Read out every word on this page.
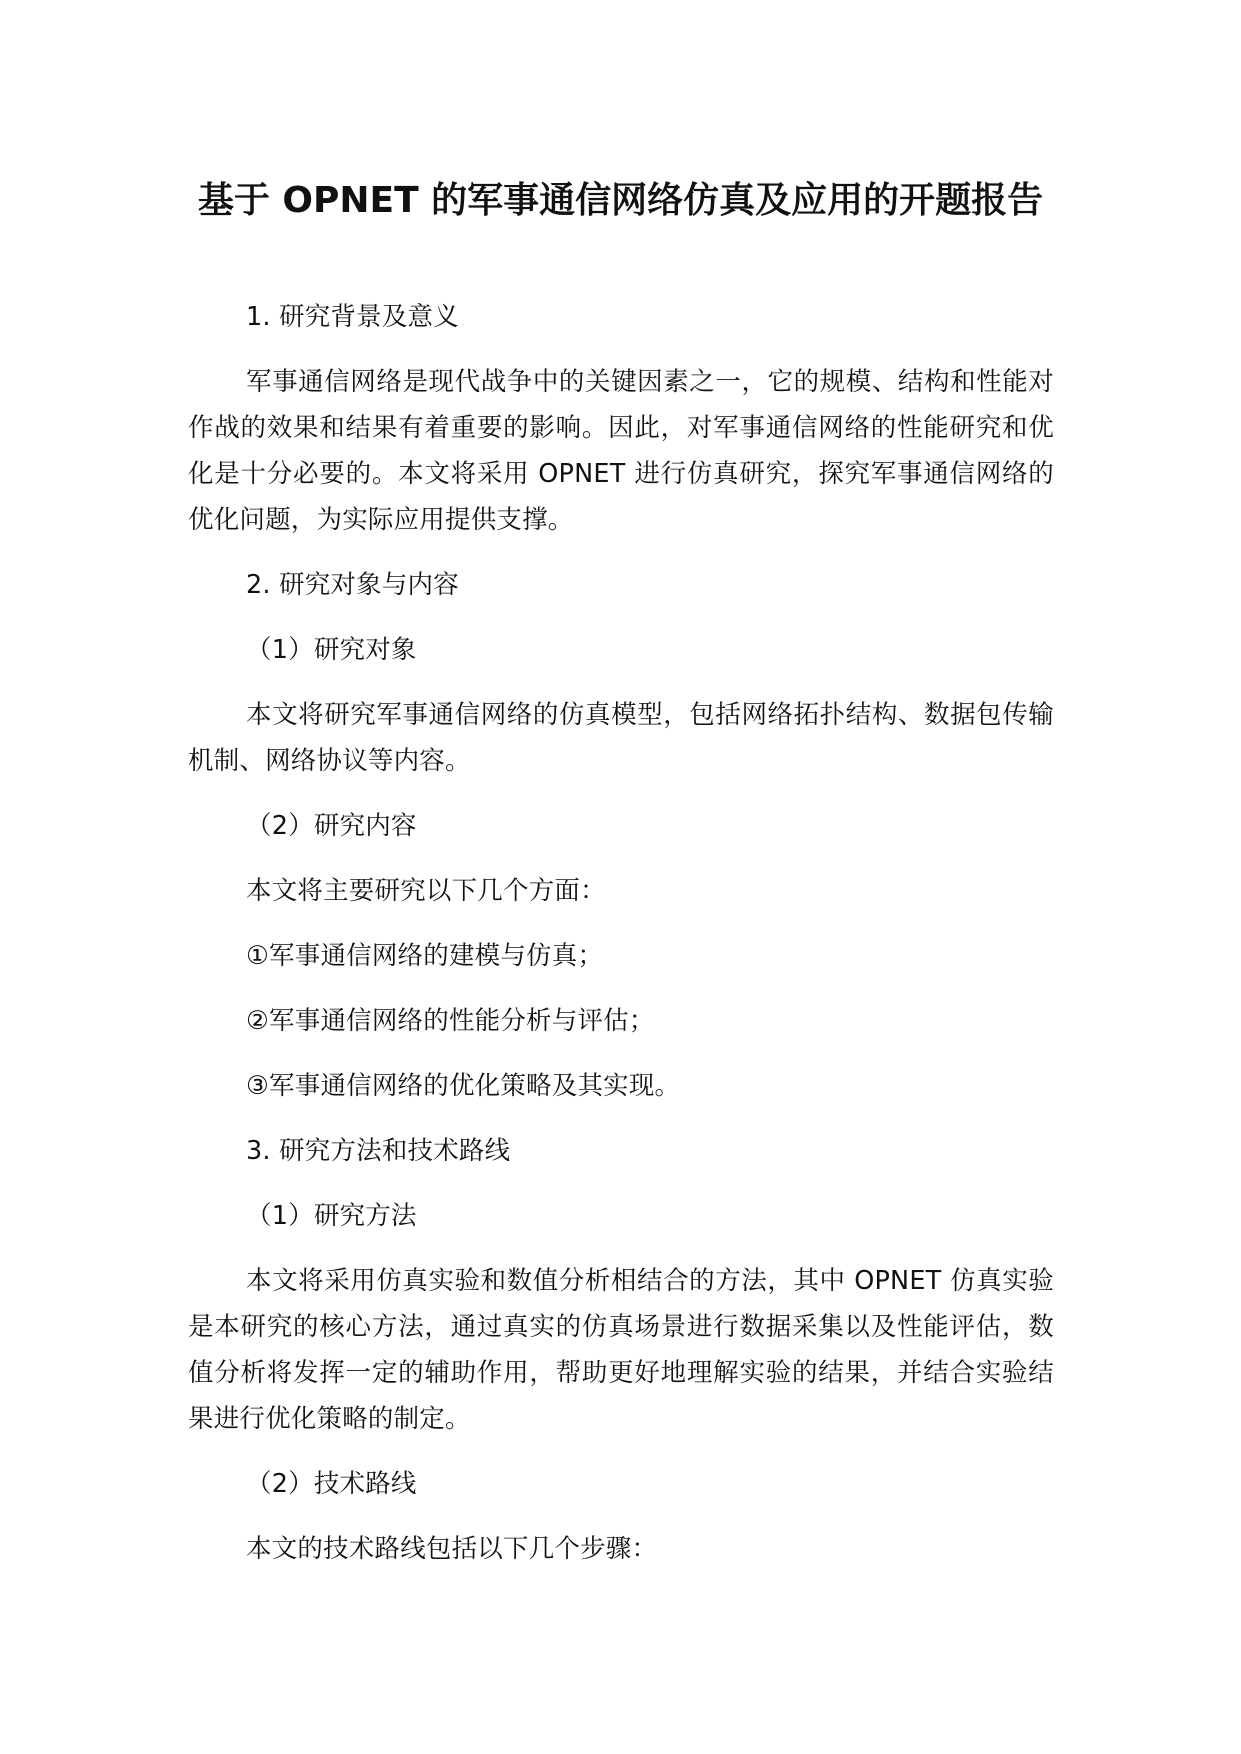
基于 OPNET 的军事通信网络仿真及应用的开题报告

1. 研究背景及意义

军事通信网络是现代战争中的关键因素之一，它的规模、结构和性能对作战的效果和结果有着重要的影响。因此，对军事通信网络的性能研究和优化是十分必要的。本文将采用 OPNET 进行仿真研究，探究军事通信网络的优化问题，为实际应用提供支撑。

2. 研究对象与内容

（1）研究对象

本文将研究军事通信网络的仿真模型，包括网络拓扑结构、数据包传输机制、网络协议等内容。

（2）研究内容

本文将主要研究以下几个方面：

①军事通信网络的建模与仿真；

②军事通信网络的性能分析与评估；

③军事通信网络的优化策略及其实现。

3. 研究方法和技术路线

（1）研究方法

本文将采用仿真实验和数值分析相结合的方法，其中 OPNET 仿真实验是本研究的核心方法，通过真实的仿真场景进行数据采集以及性能评估，数值分析将发挥一定的辅助作用，帮助更好地理解实验的结果，并结合实验结果进行优化策略的制定。

（2）技术路线

本文的技术路线包括以下几个步骤：
